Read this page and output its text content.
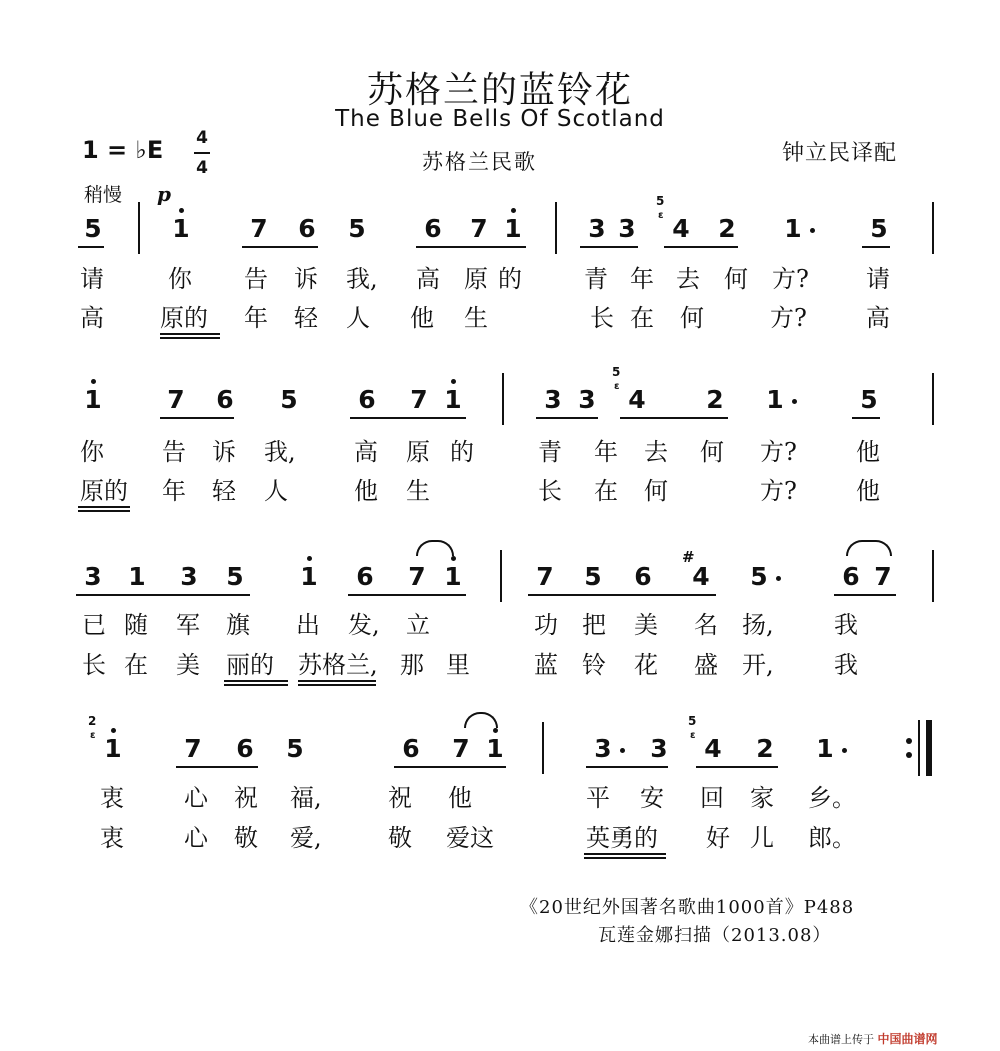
苏格兰的蓝铃花
The Blue Bells Of Scotland
1 = ♭E 4
4	苏格兰民歌	钟立民译配
稍慢 p
5	1 7 6 5 6 7 1	3 3 4
5
ɛ 2 1	5
1	7 6 5 6 7 1	3 3 4
5
ɛ	2 1	5
3 1 3 5 1 6 7 1	7 5 6 4
#
5	6 7
1
2
ɛ	7 6 5	6 7 1	3 3 4
5
ɛ 2 1
请	你 告 诉 我, 高 原 的	青 年 去 何 方? 请
高 原的 年 轻 人 他 生	长 在 何	方? 高
你 告 诉 我, 高 原 的	青 年 去 何 方? 他
原的 年 轻 人	他 生	长 在 何	方? 他
已 随 军 旗 出 发, 立	功 把 美 名 扬,	我
长 在 美 丽的 苏格兰, 那 里	蓝 铃 花 盛 开,	我
衷	心 祝 福,	祝 他	平 安 回 家 乡。
衷	心 敬 爱,	敬 爱这	英勇的 好 儿 郎。
《20世纪外国著名歌曲1000首》P488
瓦莲金娜扫描（2013.08）
本曲谱上传于 中国曲谱网
